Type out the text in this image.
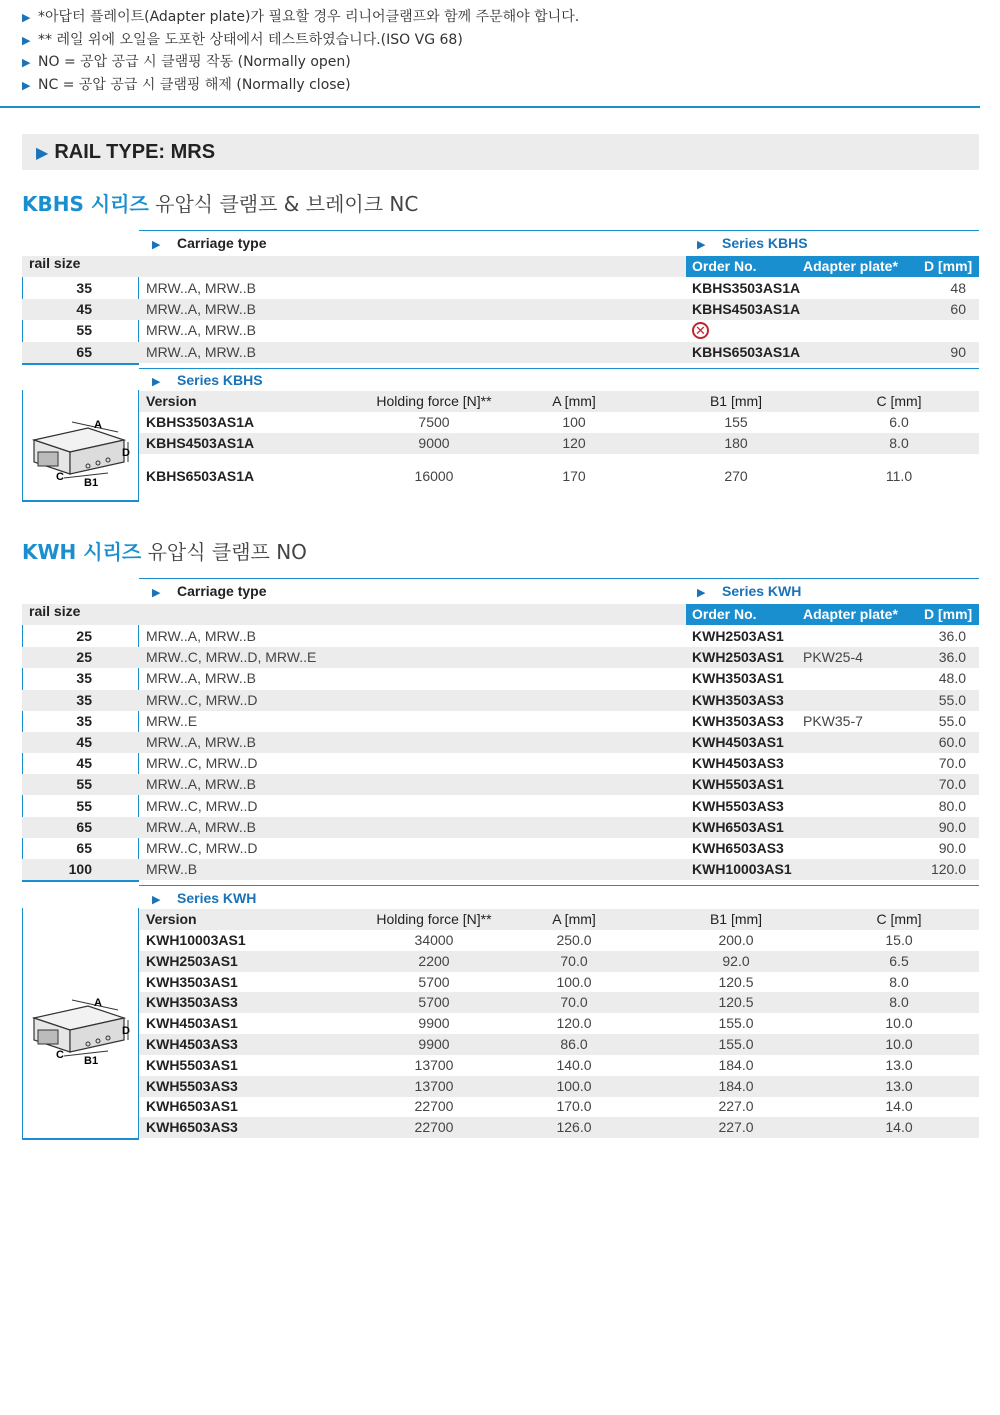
▶ *아답터 플레이트(Adapter plate)가 필요할 경우 리니어클램프와 함께 주문해야 합니다.
▶ ** 레일 위에 오일을 도포한 상태에서 테스트하였습니다.(ISO VG 68)
▶ NO = 공압 공급 시 클램핑 작동 (Normally open)
▶ NC = 공압 공급 시 클램핑 해제 (Normally close)
▶ RAIL TYPE: MRS
KBHS 시리즈 유압식 클램프 & 브레이크 NC
▶	Carriage type	▶	Series KBHS
rail size	Order No.	Adapter plate* D [mm]
35	MRW..A, MRW..B	KBHS3503AS1A	48
45	MRW..A, MRW..B	KBHS4503AS1A	60
55	MRW..A, MRW..B	✕
65	MRW..A, MRW..B	KBHS6503AS1A	90
▶	Series KBHS
Version	Holding force [N]**	A [mm]	B1 [mm]	C [mm]
KBHS3503AS1A	7500	100	155	6.0
KBHS4503AS1A	9000	120	180	8.0
KBHS6503AS1A	16000	170	270	11.0
A
D
B1
C
KWH 시리즈 유압식 클램프 NO
▶	Carriage type	▶	Series KWH
rail size	Order No.	Adapter plate* D [mm]
25	MRW..A, MRW..B	KWH2503AS1	36.0
25	MRW..C, MRW..D, MRW..E	KWH2503AS1 PKW25-4	36.0
35	MRW..A, MRW..B	KWH3503AS1	48.0
35	MRW..C, MRW..D	KWH3503AS3	55.0
35	MRW..E	KWH3503AS3 PKW35-7	55.0
45	MRW..A, MRW..B	KWH4503AS1	60.0
45	MRW..C, MRW..D	KWH4503AS3	70.0
55	MRW..A, MRW..B	KWH5503AS1	70.0
55	MRW..C, MRW..D	KWH5503AS3	80.0
65	MRW..A, MRW..B	KWH6503AS1	90.0
65	MRW..C, MRW..D	KWH6503AS3	90.0
100	MRW..B	KWH10003AS1	120.0
▶	Series KWH
Version	Holding force [N]**	A [mm]	B1 [mm]	C [mm]
KWH10003AS1	34000	250.0	200.0	15.0
KWH2503AS1	2200	70.0	92.0	6.5
KWH3503AS1	5700	100.0	120.5	8.0
KWH3503AS3	5700	70.0	120.5	8.0
KWH4503AS1	9900	120.0	155.0	10.0
KWH4503AS3	9900	86.0	155.0	10.0
KWH5503AS1	13700	140.0	184.0	13.0
KWH5503AS3	13700	100.0	184.0	13.0
KWH6503AS1	22700	170.0	227.0	14.0
KWH6503AS3	22700	126.0	227.0	14.0
A
D
B1
C
